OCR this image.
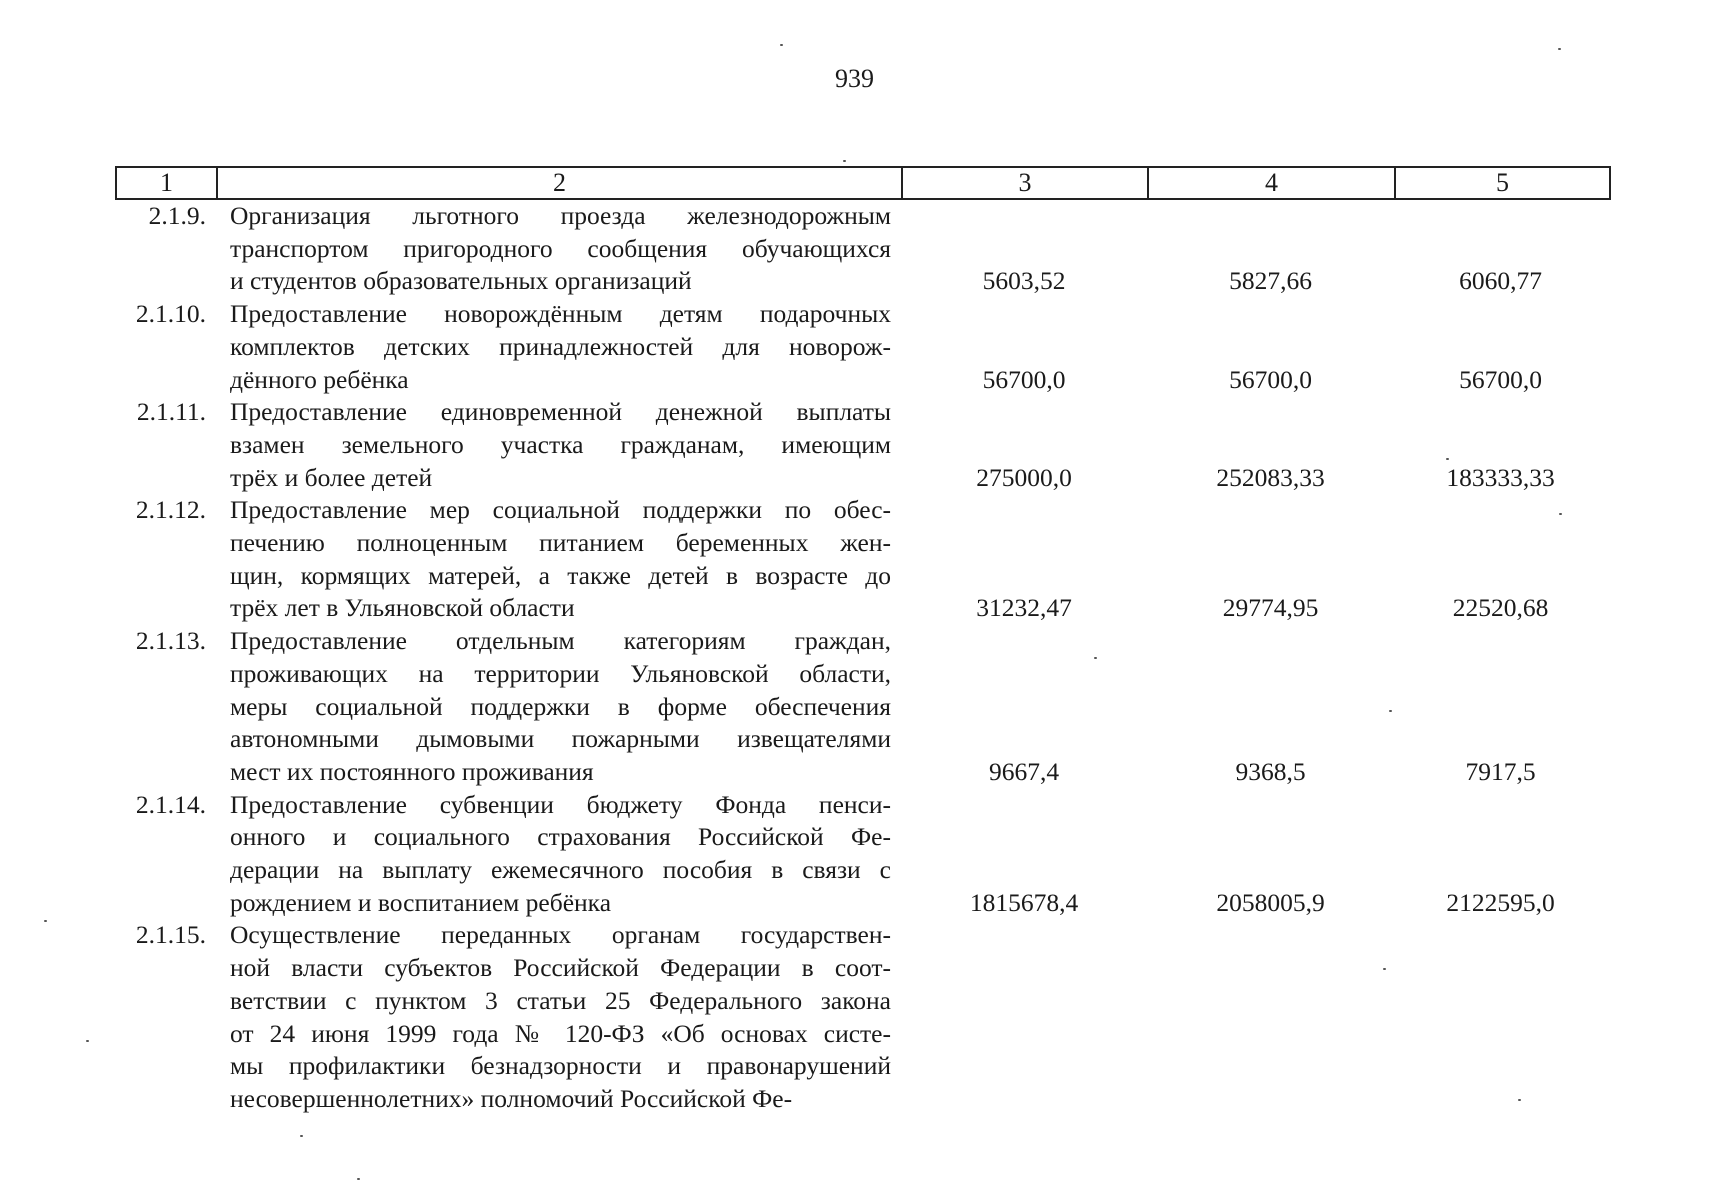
939
1	2	3	4	5
2.1.9. Организация льготного проезда железнодорожным
транспортом пригородного сообщения обучающихся
и студентов образовательных организаций	5603,52	5827,66	6060,77
2.1.10. Предоставление новорождённым детям подарочных
комплектов детских принадлежностей для новорож-
дённого ребёнка	56700,0	56700,0	56700,0
2.1.11. Предоставление единовременной денежной выплаты
взамен земельного участка гражданам, имеющим
трёх и более детей	275000,0	252083,33	183333,33
2.1.12. Предоставление мер социальной поддержки по обес-
печению полноценным питанием беременных жен-
щин, кормящих матерей, а также детей в возрасте до
трёх лет в Ульяновской области	31232,47	29774,95	22520,68
2.1.13. Предоставление отдельным категориям граждан,
проживающих на территории Ульяновской области,
меры социальной поддержки в форме обеспечения
автономными дымовыми пожарными извещателями
мест их постоянного проживания	9667,4	9368,5	7917,5
2.1.14. Предоставление субвенции бюджету Фонда пенси-
онного и социального страхования Российской Фе-
дерации на выплату ежемесячного пособия в связи с
рождением и воспитанием ребёнка	1815678,4	2058005,9	2122595,0
2.1.15. Осуществление переданных органам государствен-
ной власти субъектов Российской Федерации в соот-
ветствии с пунктом 3 статьи 25 Федерального закона
от 24 июня 1999 года № 120-ФЗ «Об основах систе-
мы профилактики безнадзорности и правонарушений
несовершеннолетних» полномочий Российской Фе-
